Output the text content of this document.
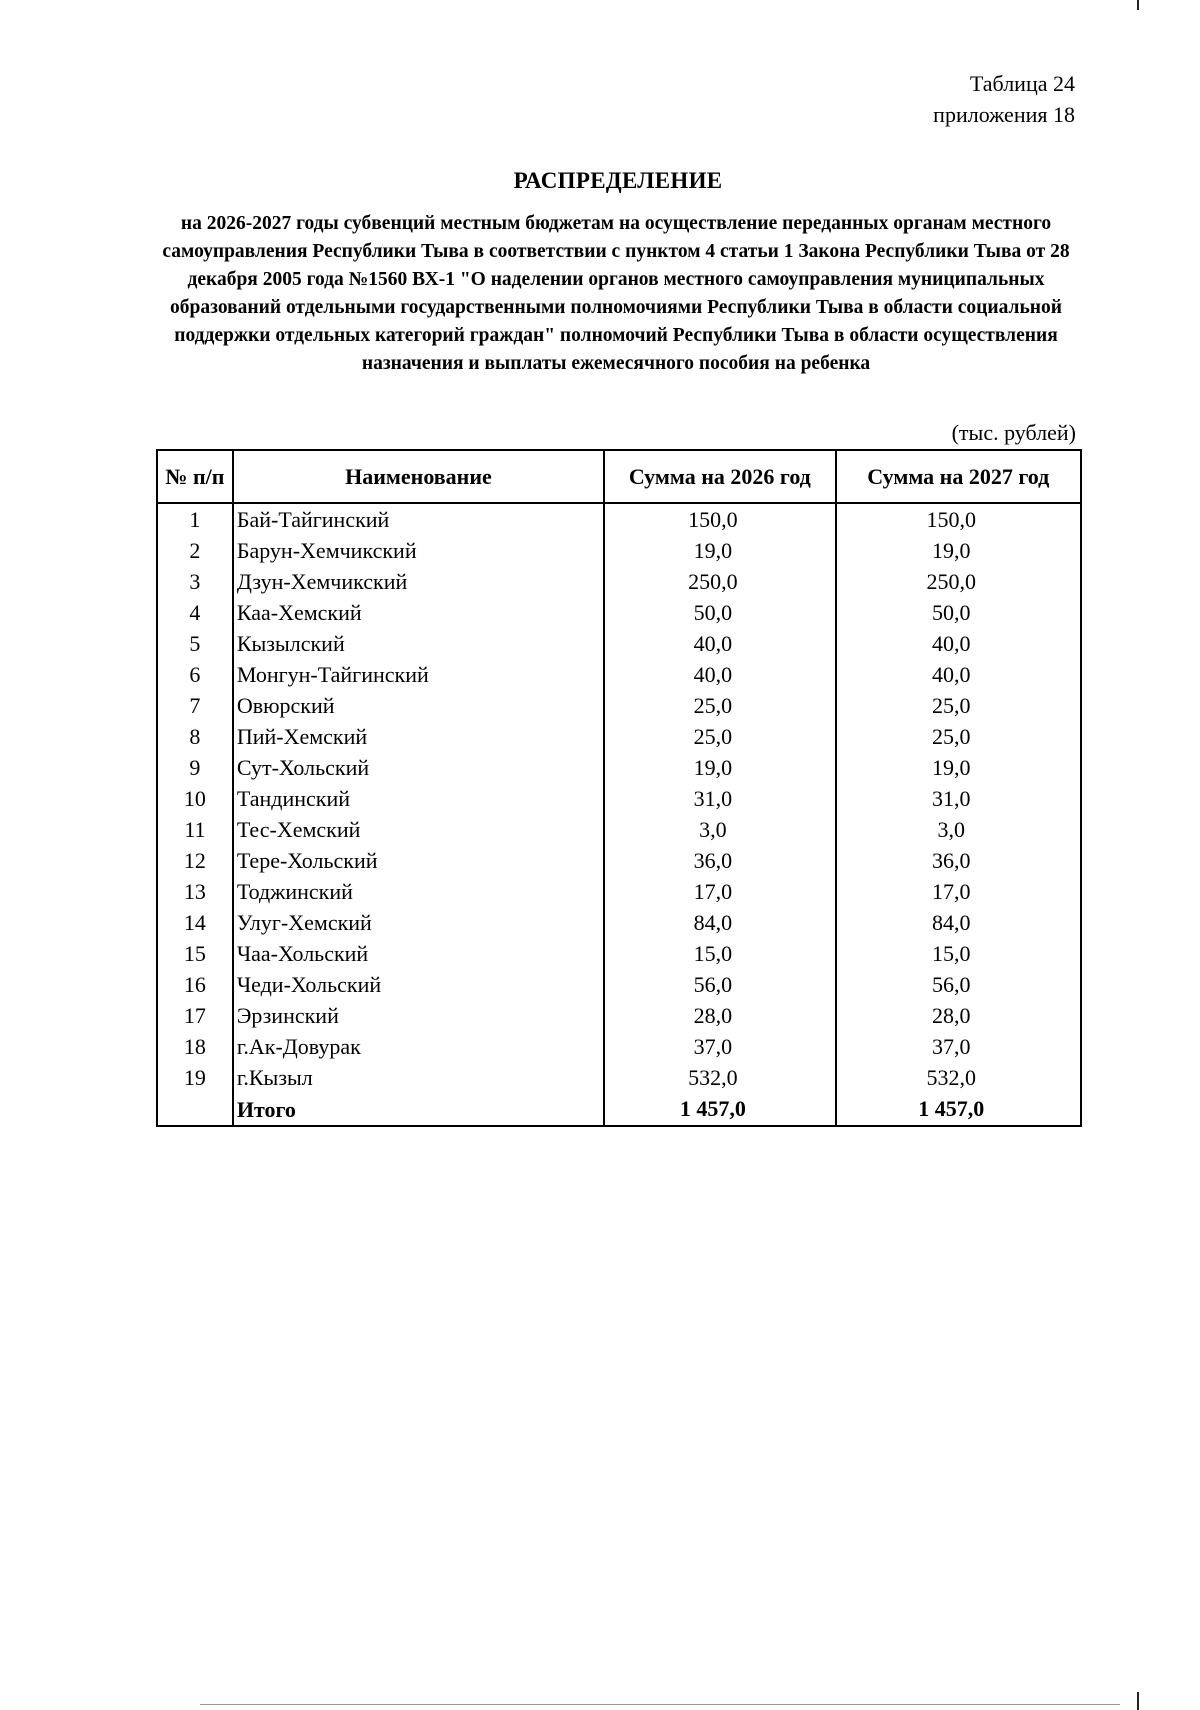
Таблица 24
приложения 18
РАСПРЕДЕЛЕНИЕ
на 2026-2027 годы субвенций местным бюджетам на осуществление переданных органам местного самоуправления Республики Тыва в соответствии с пунктом 4 статьи 1 Закона Республики Тыва от 28 декабря 2005 года №1560 ВХ-1 "О наделении органов местного самоуправления муниципальных образований отдельными государственными полномочиями Республики Тыва в области социальной поддержки отдельных категорий граждан" полномочий Республики Тыва в области осуществления назначения и выплаты ежемесячного пособия на ребенка
(тыс. рублей)
№ п/п	Наименование	Сумма на 2026 год	Сумма на 2027 год
1	Бай-Тайгинский	150,0	150,0
2	Барун-Хемчикский	19,0	19,0
3	Дзун-Хемчикский	250,0	250,0
4	Каа-Хемский	50,0	50,0
5	Кызылский	40,0	40,0
6	Монгун-Тайгинский	40,0	40,0
7	Овюрский	25,0	25,0
8	Пий-Хемский	25,0	25,0
9	Сут-Хольский	19,0	19,0
10	Тандинский	31,0	31,0
11	Тес-Хемский	3,0	3,0
12	Тере-Хольский	36,0	36,0
13	Тоджинский	17,0	17,0
14	Улуг-Хемский	84,0	84,0
15	Чаа-Хольский	15,0	15,0
16	Чеди-Хольский	56,0	56,0
17	Эрзинский	28,0	28,0
18	г.Ак-Довурак	37,0	37,0
19	г.Кызыл	532,0	532,0
	Итого	1 457,0	1 457,0
